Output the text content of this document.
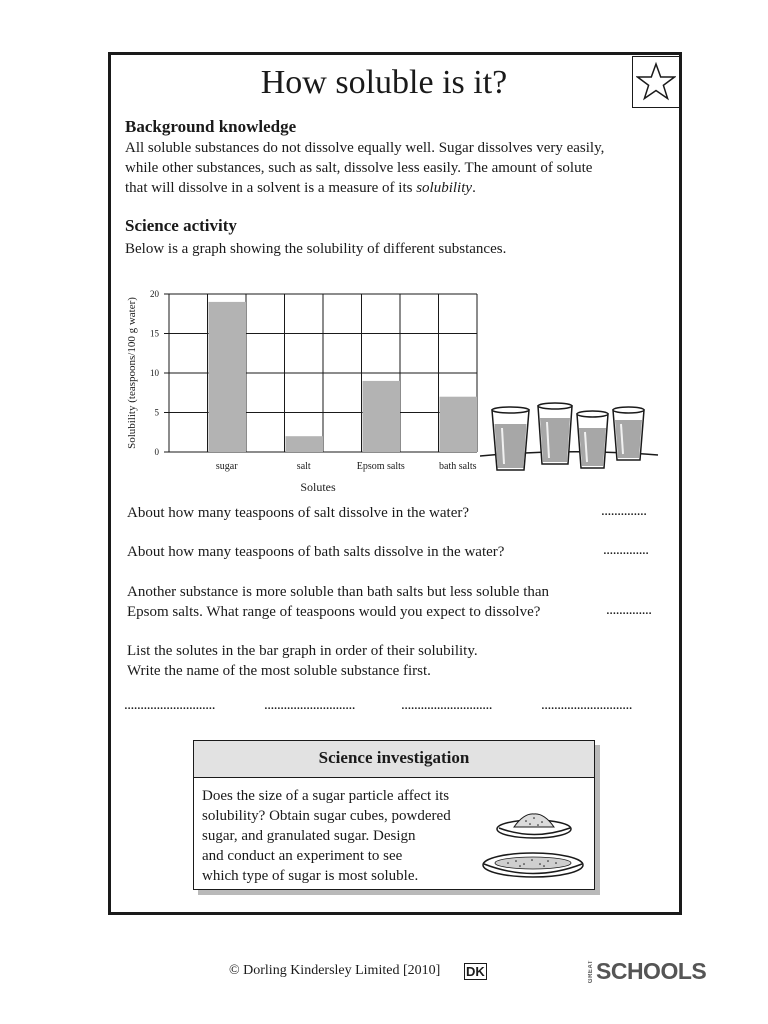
How soluble is it?
Background knowledge
All soluble substances do not dissolve equally well. Sugar dissolves very easily,
while other substances, such as salt, dissolve less easily. The amount of solute
that will dissolve in a solvent is a measure of its solubility.
Science activity
Below is a graph showing the solubility of different substances.
0
5
10
15
20
sugar	salt	Epsom salts	bath salts
Solubility (teaspoons/100 g water)
Solutes
About how many teaspoons of salt dissolve in the water?	..............
About how many teaspoons of bath salts dissolve in the water?	..............
Another substance is more soluble than bath salts but less soluble than
Epsom salts. What range of teaspoons would you expect to dissolve?	..............
List the solutes in the bar graph in order of their solubility.
Write the name of the most soluble substance first.
............................	............................	............................	............................
Science investigation
Does the size of a sugar particle affect its
solubility? Obtain sugar cubes, powdered
sugar, and granulated sugar. Design
and conduct an experiment to see
which type of sugar is most soluble.
© Dorling Kindersley Limited [2010] DK	GREAT SCHOOLS
